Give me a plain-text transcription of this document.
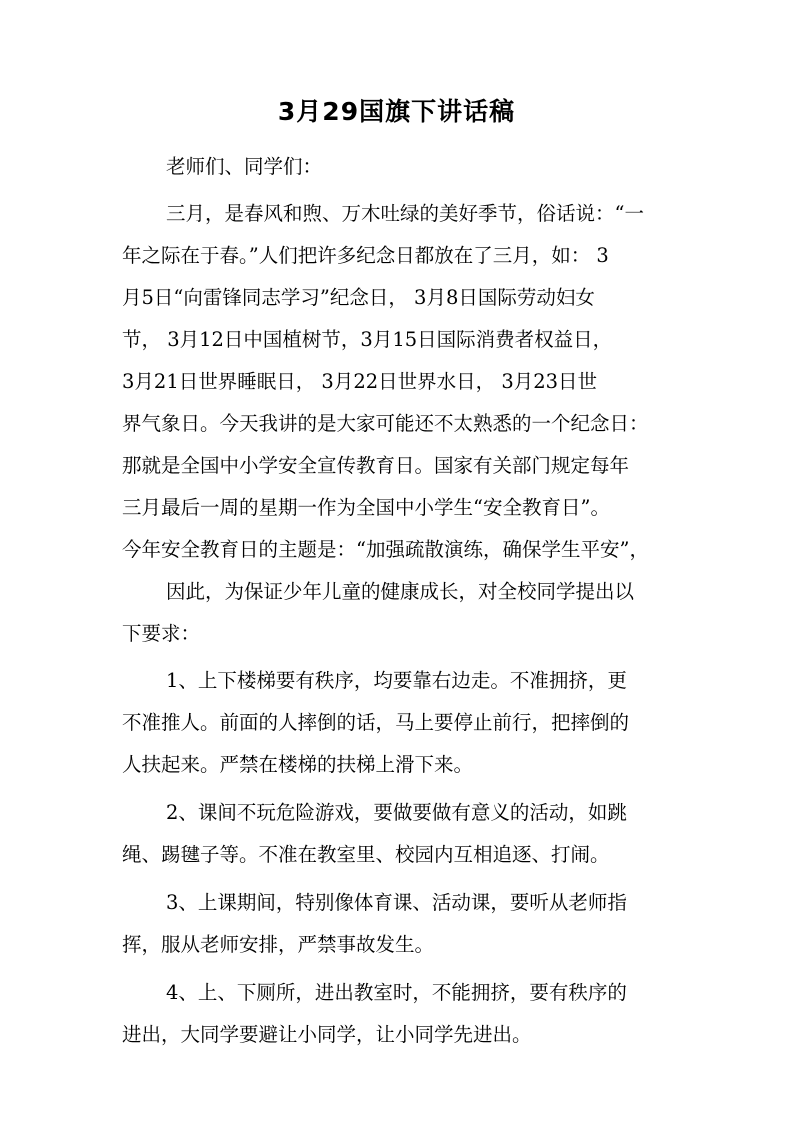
3月29国旗下讲话稿

老师们、同学们：

三月，是春风和煦、万木吐绿的美好季节，俗话说：“一

年之际在于春。”人们把许多纪念日都放在了三月，如： 3

月5日“向雷锋同志学习”纪念日， 3月8日国际劳动妇女

节， 3月12日中国植树节，3月15日国际消费者权益日，

3月21日世界睡眠日， 3月22日世界水日， 3月23日世

界气象日。今天我讲的是大家可能还不太熟悉的一个纪念日：

那就是全国中小学安全宣传教育日。国家有关部门规定每年

三月最后一周的星期一作为全国中小学生“安全教育日”。

今年安全教育日的主题是：“加强疏散演练，确保学生平安”，

因此，为保证少年儿童的健康成长，对全校同学提出以

下要求：

1、上下楼梯要有秩序，均要靠右边走。不准拥挤，更

不准推人。前面的人摔倒的话，马上要停止前行，把摔倒的

人扶起来。严禁在楼梯的扶梯上滑下来。

2、课间不玩危险游戏，要做要做有意义的活动，如跳

绳、踢毽子等。不准在教室里、校园内互相追逐、打闹。

3、上课期间，特别像体育课、活动课，要听从老师指

挥，服从老师安排，严禁事故发生。

4、上、下厕所，进出教室时，不能拥挤，要有秩序的

进出，大同学要避让小同学，让小同学先进出。
